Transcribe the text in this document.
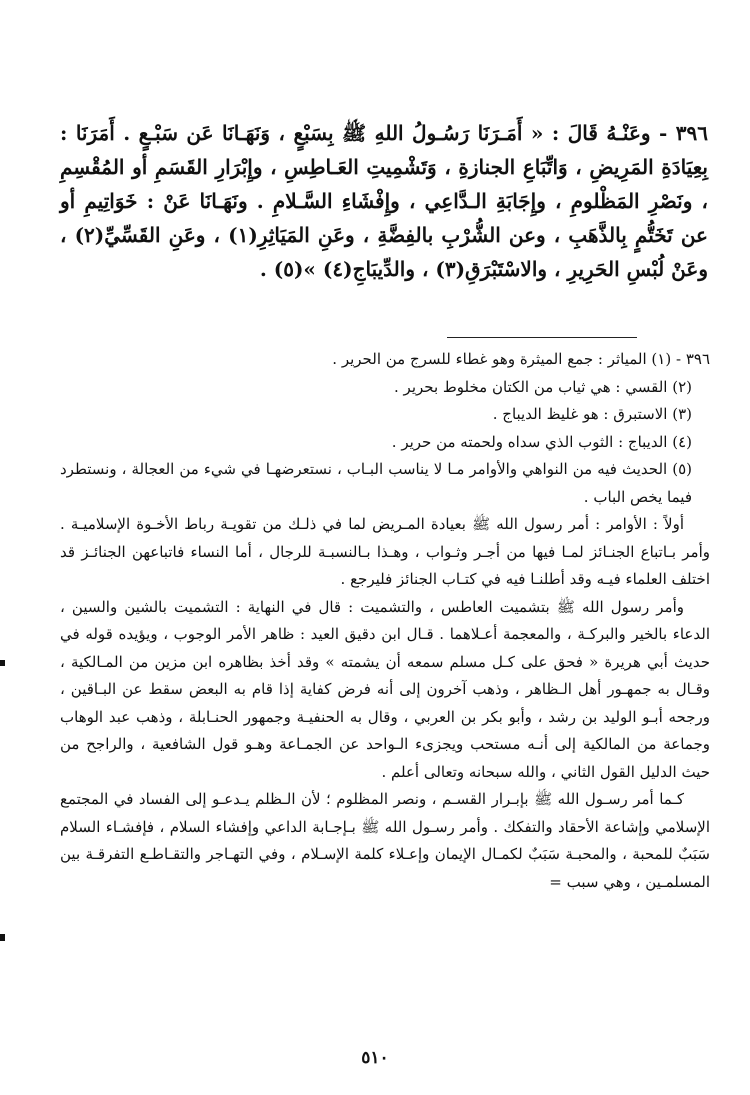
٣٩٦ - وعَنْـهُ قَالَ : « أَمَـرَنَا رَسُـولُ اللهِ ﷺ بِسَبْعٍ ، وَنَهَـانَا عَن سَبْـعٍ . أَمَرَنَا : بِعِيَادَةِ المَرِيضِ ، وَاتِّبَاعِ الجنازةِ ، وَتَشْمِيتِ العَـاطِسِ ، وإِبْرَارِ القَسَمِ أو المُقْسِمِ ، ونَصْرِ المَظْلومِ ، وإِجَابَةِ الـدَّاعِي ، وإِفْشَاءِ السَّـلامِ . ونَهَـانَا عَنْ : خَوَاتِيمِ أو عن تَخَتُّمٍ بِالذَّهَبِ ، وعن الشُّرْبِ بالفِضَّةِ ، وعَنِ المَيَاثِرِ(١) ، وعَنِ القَسِّيِّ(٢) ، وعَنْ لُبْسِ الحَرِيرِ ، والاسْتَبْرَقِ(٣) ، والدِّيبَاجِ(٤) »(٥) .

٣٩٦ - (١) المياثر : جمع الميثرة وهو غطاء للسرج من الحرير .

(٢) القسي : هي ثياب من الكتان مخلوط بحرير .

(٣) الاستبرق : هو غليظ الديباج .

(٤) الديباج : الثوب الذي سداه ولحمته من حرير .

(٥) الحديث فيه من النواهي والأوامر مـا لا يناسب البـاب ، نستعرضهـا في شيء من العجالة ، ونستطرد فيما يخص الباب .

أولاً : الأوامر : أمر رسول الله ﷺ بعيادة المـريض لما في ذلـك من تقويـة رباط الأخـوة الإسلاميـة . وأمر بـاتباع الجنـائز لمـا فيها من أجـر وثـواب ، وهـذا بـالنسبـة للرجال ، أما النساء فاتباعهن الجنائـز قد اختلف العلماء فيـه وقد أطلنـا فيه في كتـاب الجنائز فليرجع .

وأمر رسول الله ﷺ بتشميت العاطس ، والتشميت : قال في النهاية : التشميت بالشين والسين ، الدعاء بالخير والبركـة ، والمعجمة أعـلاهما . قـال ابن دقيق العيد : ظاهر الأمر الوجوب ، ويؤيده قوله في حديث أبي هريرة « فحق على كـل مسلم سمعه أن يشمته » وقد أخذ بظاهره ابن مزين من المـالكية ، وقـال به جمهـور أهل الـظاهر ، وذهب آخرون إلى أنه فرض كفاية إذا قام به البعض سقط عن البـاقين ، ورجحه أبـو الوليد بن رشد ، وأبو بكر بن العربي ، وقال به الحنفيـة وجمهور الحنـابلة ، وذهب عبد الوهاب وجماعة من المالكية إلى أنـه مستحب ويجزىء الـواحد عن الجمـاعة وهـو قول الشافعية ، والراجح من حيث الدليل القول الثاني ، والله سبحانه وتعالى أعلم .

كـما أمر رسـول الله ﷺ بإبـرار القسـم ، ونصر المظلوم ؛ لأن الـظلم يـدعـو إلى الفساد في المجتمع الإسلامي وإشاعة الأحقاد والتفكك . وأمر رسـول الله ﷺ بـإجـابة الداعي وإفشاء السلام ، فإفشـاء السلام سَبَبٌ للمحبة ، والمحبـة سَبَبٌ لكمـال الإيمان وإعـلاء كلمة الإسـلام ، وفي التهـاجر والتقـاطـع التفرقـة بين المسلمـين ، وهي سبب =

٥١٠
